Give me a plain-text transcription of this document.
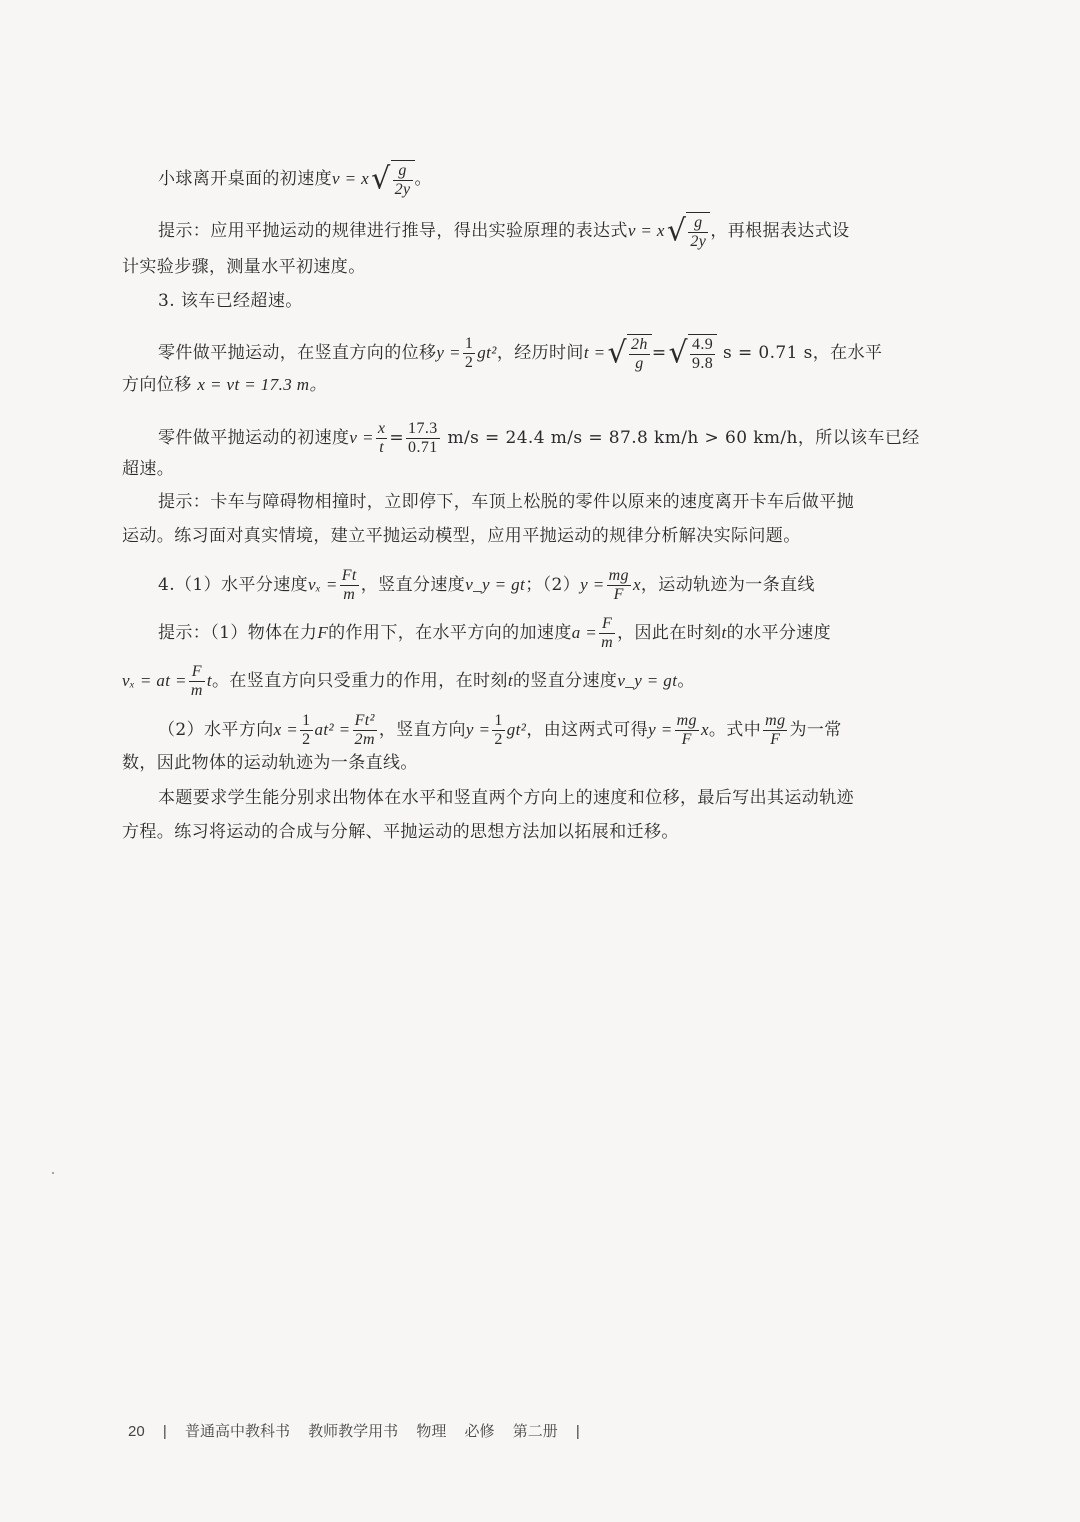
小球离开桌面的初速度$v = x√ \frac{g}{2y}$ 。
提示：应用平抛运动的规律进行推导，得出实验原理的表达式$v = x√ \frac{g}{2y}$ ，再根据表达式设
计实验步骤，测量水平初速度。
3. 该车已经超速。
零件做平抛运动，在竖直方向的位移$y = \frac{1}{2} gt^2$，经历时间t =√ $\frac{2h}{g}$ =√ $\frac{4.9}{9.8}$ s = 0.71 s，在水平
方向位移 x = vt = 17.3 m。
零件做平抛运动的初速度$v = \frac{x}{t} = \frac{17.3}{0.71} m/s = 24.4$ m/s = 87.8 km/h > 60 km/h，所以该车已经
超速。
提示：卡车与障碍物相撞时，立即停下，车顶上松脱的零件以原来的速度离开卡车后做平抛
运动。练习面对真实情境，建立平抛运动模型，应用平抛运动的规律分析解决实际问题。
4.（1）水平分速度$v_x = \frac{Ft}{m}$ ，竖直分速度v_y = gt；$(2)y = \frac{mg}{F}$ x，运动轨迹为一条直线
提示：（1）物体在力F的作用下，在水平方向的加速度$a = \frac{F}{m}$ ，因此在时刻t的水平分速度
vₓ = at = $\frac{F}{m}$ t。在竖直方向只受重力的作用，在时刻t的竖直分速度v_y = gt。
（2）水平方向$x = \frac{1}{2} at^2 = \frac{\text{Ft²}}{2m}$ ，竖直方向$y = \frac{1}{2} gt^2$，由这两式可得$y = \frac{mg}{F}$ x。式中 $\frac{mg}{F}$ 为一常
数，因此物体的运动轨迹为一条直线。
本题要求学生能分别求出物体在水平和竖直两个方向上的速度和位移，最后写出其运动轨迹
方程。练习将运动的合成与分解、平抛运动的思想方法加以拓展和迁移。
20 | 普通高中教科书 教师教学用书 物理 必修 第二册 |
